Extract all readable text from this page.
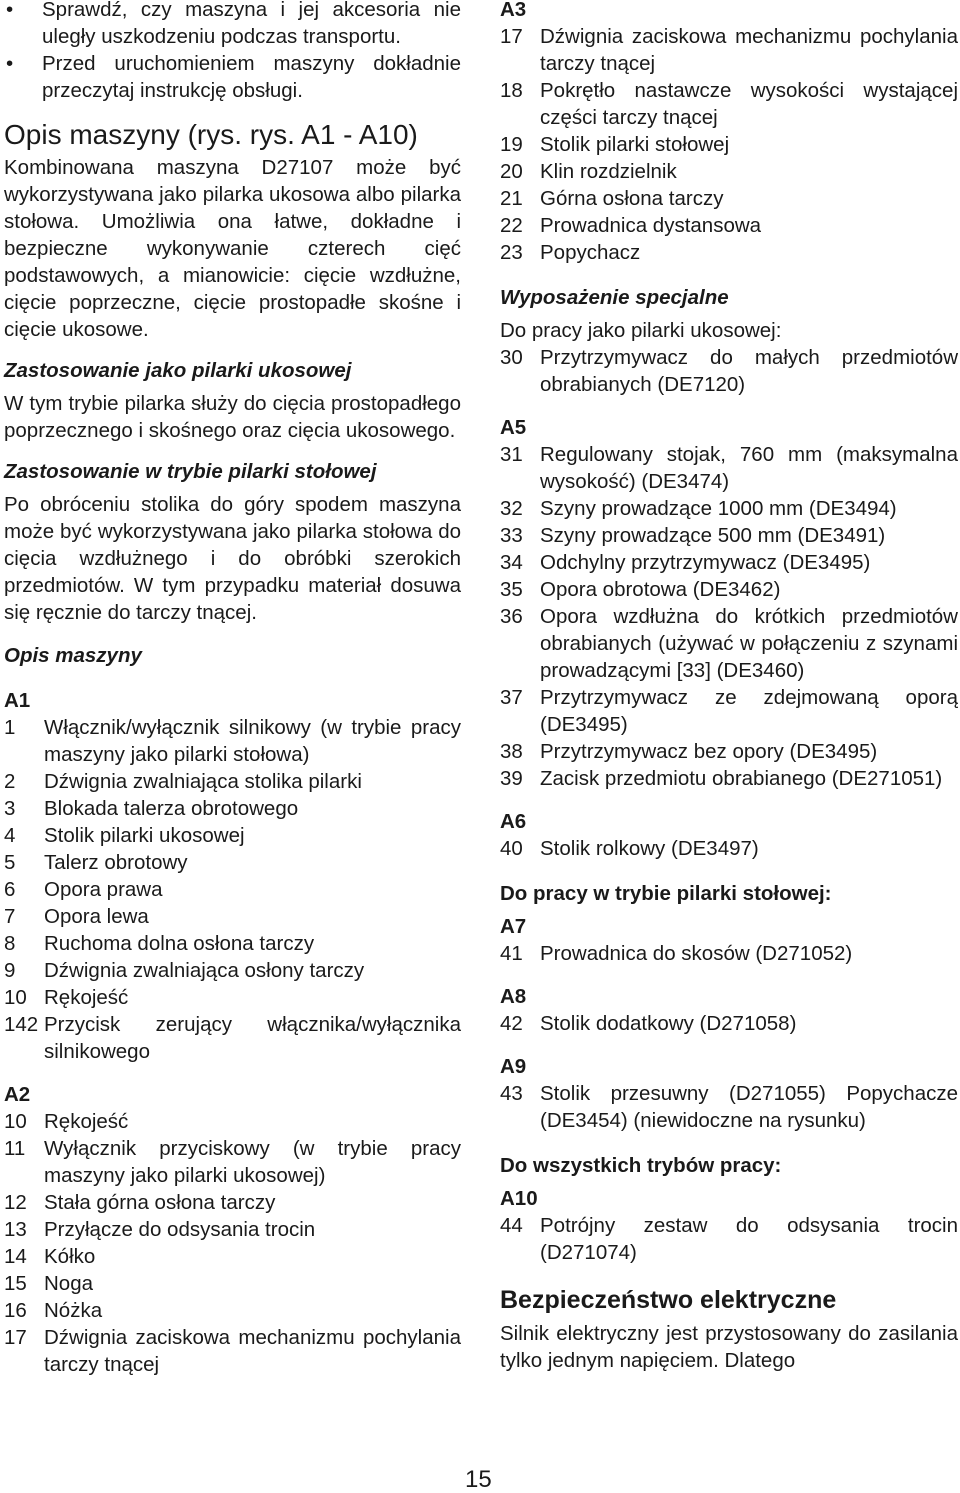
• Sprawdź, czy maszyna i jej akcesoria nie uległy uszkodzeniu podczas transportu.

• Przed uruchomieniem maszyny dokładnie przeczytaj instrukcję obsługi.

Opis maszyny (rys. rys. A1 - A10)

Kombinowana maszyna D27107 może być wykorzystywana jako pilarka ukosowa albo pilarka stołowa. Umożliwia ona łatwe, dokładne i bezpieczne wykonywanie czterech cięć podstawowych, a mianowicie: cięcie wzdłużne, cięcie poprzeczne, cięcie prostopadłe skośne i cięcie ukosowe.

Zastosowanie jako pilarki ukosowej

W tym trybie pilarka służy do cięcia prostopadłego poprzecznego i skośnego oraz cięcia ukosowego.

Zastosowanie w trybie pilarki stołowej

Po obróceniu stolika do góry spodem maszyna może być wykorzystywana jako pilarka stołowa do cięcia wzdłużnego i do obróbki szerokich przedmiotów. W tym przypadku materiał dosuwa się ręcznie do tarczy tnącej.

Opis maszyny
A1
1	Włącznik/wyłącznik silnikowy (w trybie pracy maszyny jako pilarki stołowa)
2	Dźwignia zwalniająca stolika pilarki
3	Blokada talerza obrotowego
4	Stolik pilarki ukosowej
5	Talerz obrotowy
6	Opora prawa
7	Opora lewa
8	Ruchoma dolna osłona tarczy
9	Dźwignia zwalniająca osłony tarczy
10 Rękojeść
142 Przycisk zerujący włącznika/wyłącznika silnikowego
A2
10 Rękojeść
11 Wyłącznik przyciskowy (w trybie pracy maszyny jako pilarki ukosowej)
12 Stała górna osłona tarczy
13 Przyłącze do odsysania trocin
14 Kółko
15 Noga
16 Nóżka
17 Dźwignia zaciskowa mechanizmu pochylania tarczy tnącej
A3
17 Dźwignia zaciskowa mechanizmu pochylania tarczy tnącej
18 Pokrętło nastawcze wysokości wystającej części tarczy tnącej
19 Stolik pilarki stołowej
20 Klin rozdzielnik
21 Górna osłona tarczy
22 Prowadnica dystansowa
23 Popychacz
Wyposażenie specjalne

Do pracy jako pilarki ukosowej:

30 Przytrzymywacz do małych przedmiotów obrabianych (DE7120)
A5
31 Regulowany stojak, 760 mm (maksymalna wysokość) (DE3474)
32 Szyny prowadzące 1000 mm (DE3494)
33 Szyny prowadzące 500 mm (DE3491)
34 Odchylny przytrzymywacz (DE3495)
35 Opora obrotowa (DE3462)
36 Opora wzdłużna do krótkich przedmiotów obrabianych (używać w połączeniu z szynami prowadzącymi [33] (DE3460)
37 Przytrzymywacz ze zdejmowaną oporą (DE3495)
38 Przytrzymywacz bez opory (DE3495)
39 Zacisk przedmiotu obrabianego (DE271051)
A6
40 Stolik rolkowy (DE3497)
Do pracy w trybie pilarki stołowej:
A7
41 Prowadnica do skosów (D271052)
A8
42 Stolik dodatkowy (D271058)
A9
43 Stolik przesuwny (D271055) Popychacze (DE3454) (niewidoczne na rysunku)
Do wszystkich trybów pracy:
A10
44 Potrójny zestaw do odsysania trocin (D271074)
Bezpieczeństwo elektryczne

Silnik elektryczny jest przystosowany do zasilania tylko jednym napięciem. Dlatego

15
